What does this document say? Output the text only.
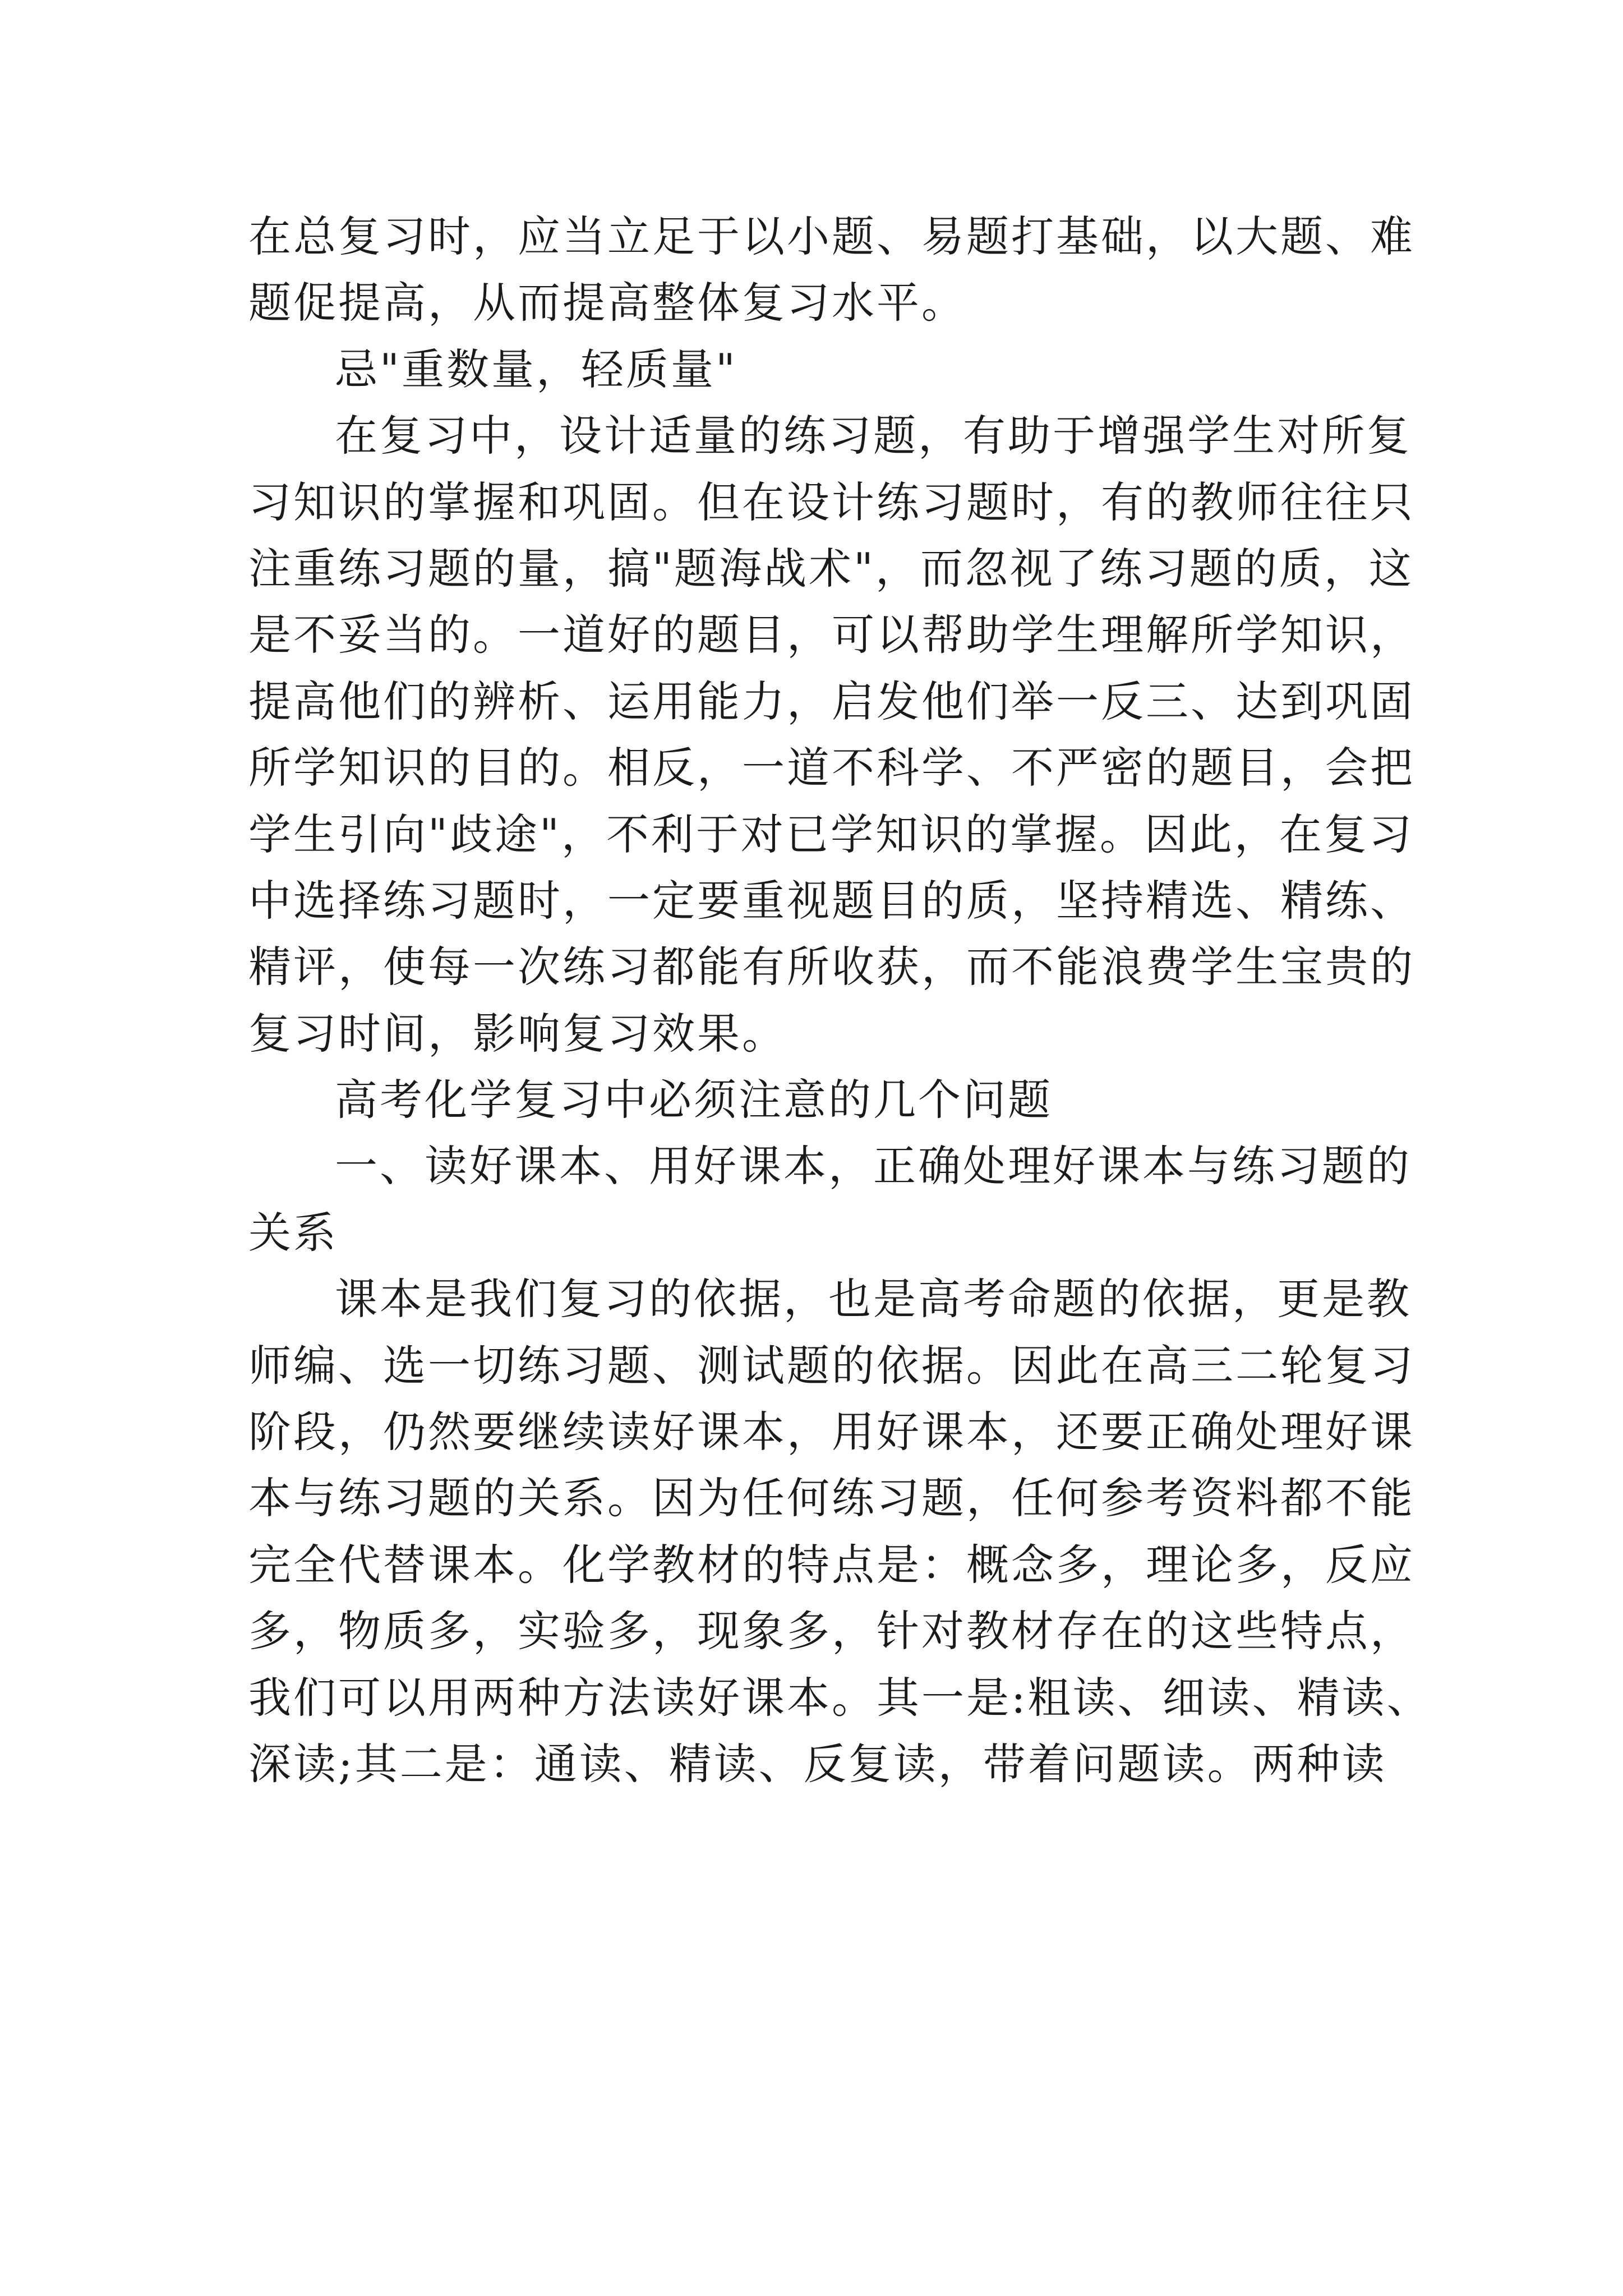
在总复习时，应当立足于以小题、易题打基础，以大题、难
题促提高，从而提高整体复习水平。
忌"重数量，轻质量"
在复习中，设计适量的练习题，有助于增强学生对所复
习知识的掌握和巩固。但在设计练习题时，有的教师往往只
注重练习题的量，搞"题海战术"，而忽视了练习题的质，这
是不妥当的。一道好的题目，可以帮助学生理解所学知识，
提高他们的辨析、运用能力，启发他们举一反三、达到巩固
所学知识的目的。相反，一道不科学、不严密的题目，会把
学生引向"歧途"，不利于对已学知识的掌握。因此，在复习
中选择练习题时，一定要重视题目的质，坚持精选、精练、
精评，使每一次练习都能有所收获，而不能浪费学生宝贵的
复习时间，影响复习效果。
高考化学复习中必须注意的几个问题
一、读好课本、用好课本，正确处理好课本与练习题的
关系
课本是我们复习的依据，也是高考命题的依据，更是教
师编、选一切练习题、测试题的依据。因此在高三二轮复习
阶段，仍然要继续读好课本，用好课本，还要正确处理好课
本与练习题的关系。因为任何练习题，任何参考资料都不能
完全代替课本。化学教材的特点是：概念多，理论多，反应
多，物质多，实验多，现象多，针对教材存在的这些特点，
我们可以用两种方法读好课本。其一是:粗读、细读、精读、
深读;其二是：通读、精读、反复读，带着问题读。两种读
